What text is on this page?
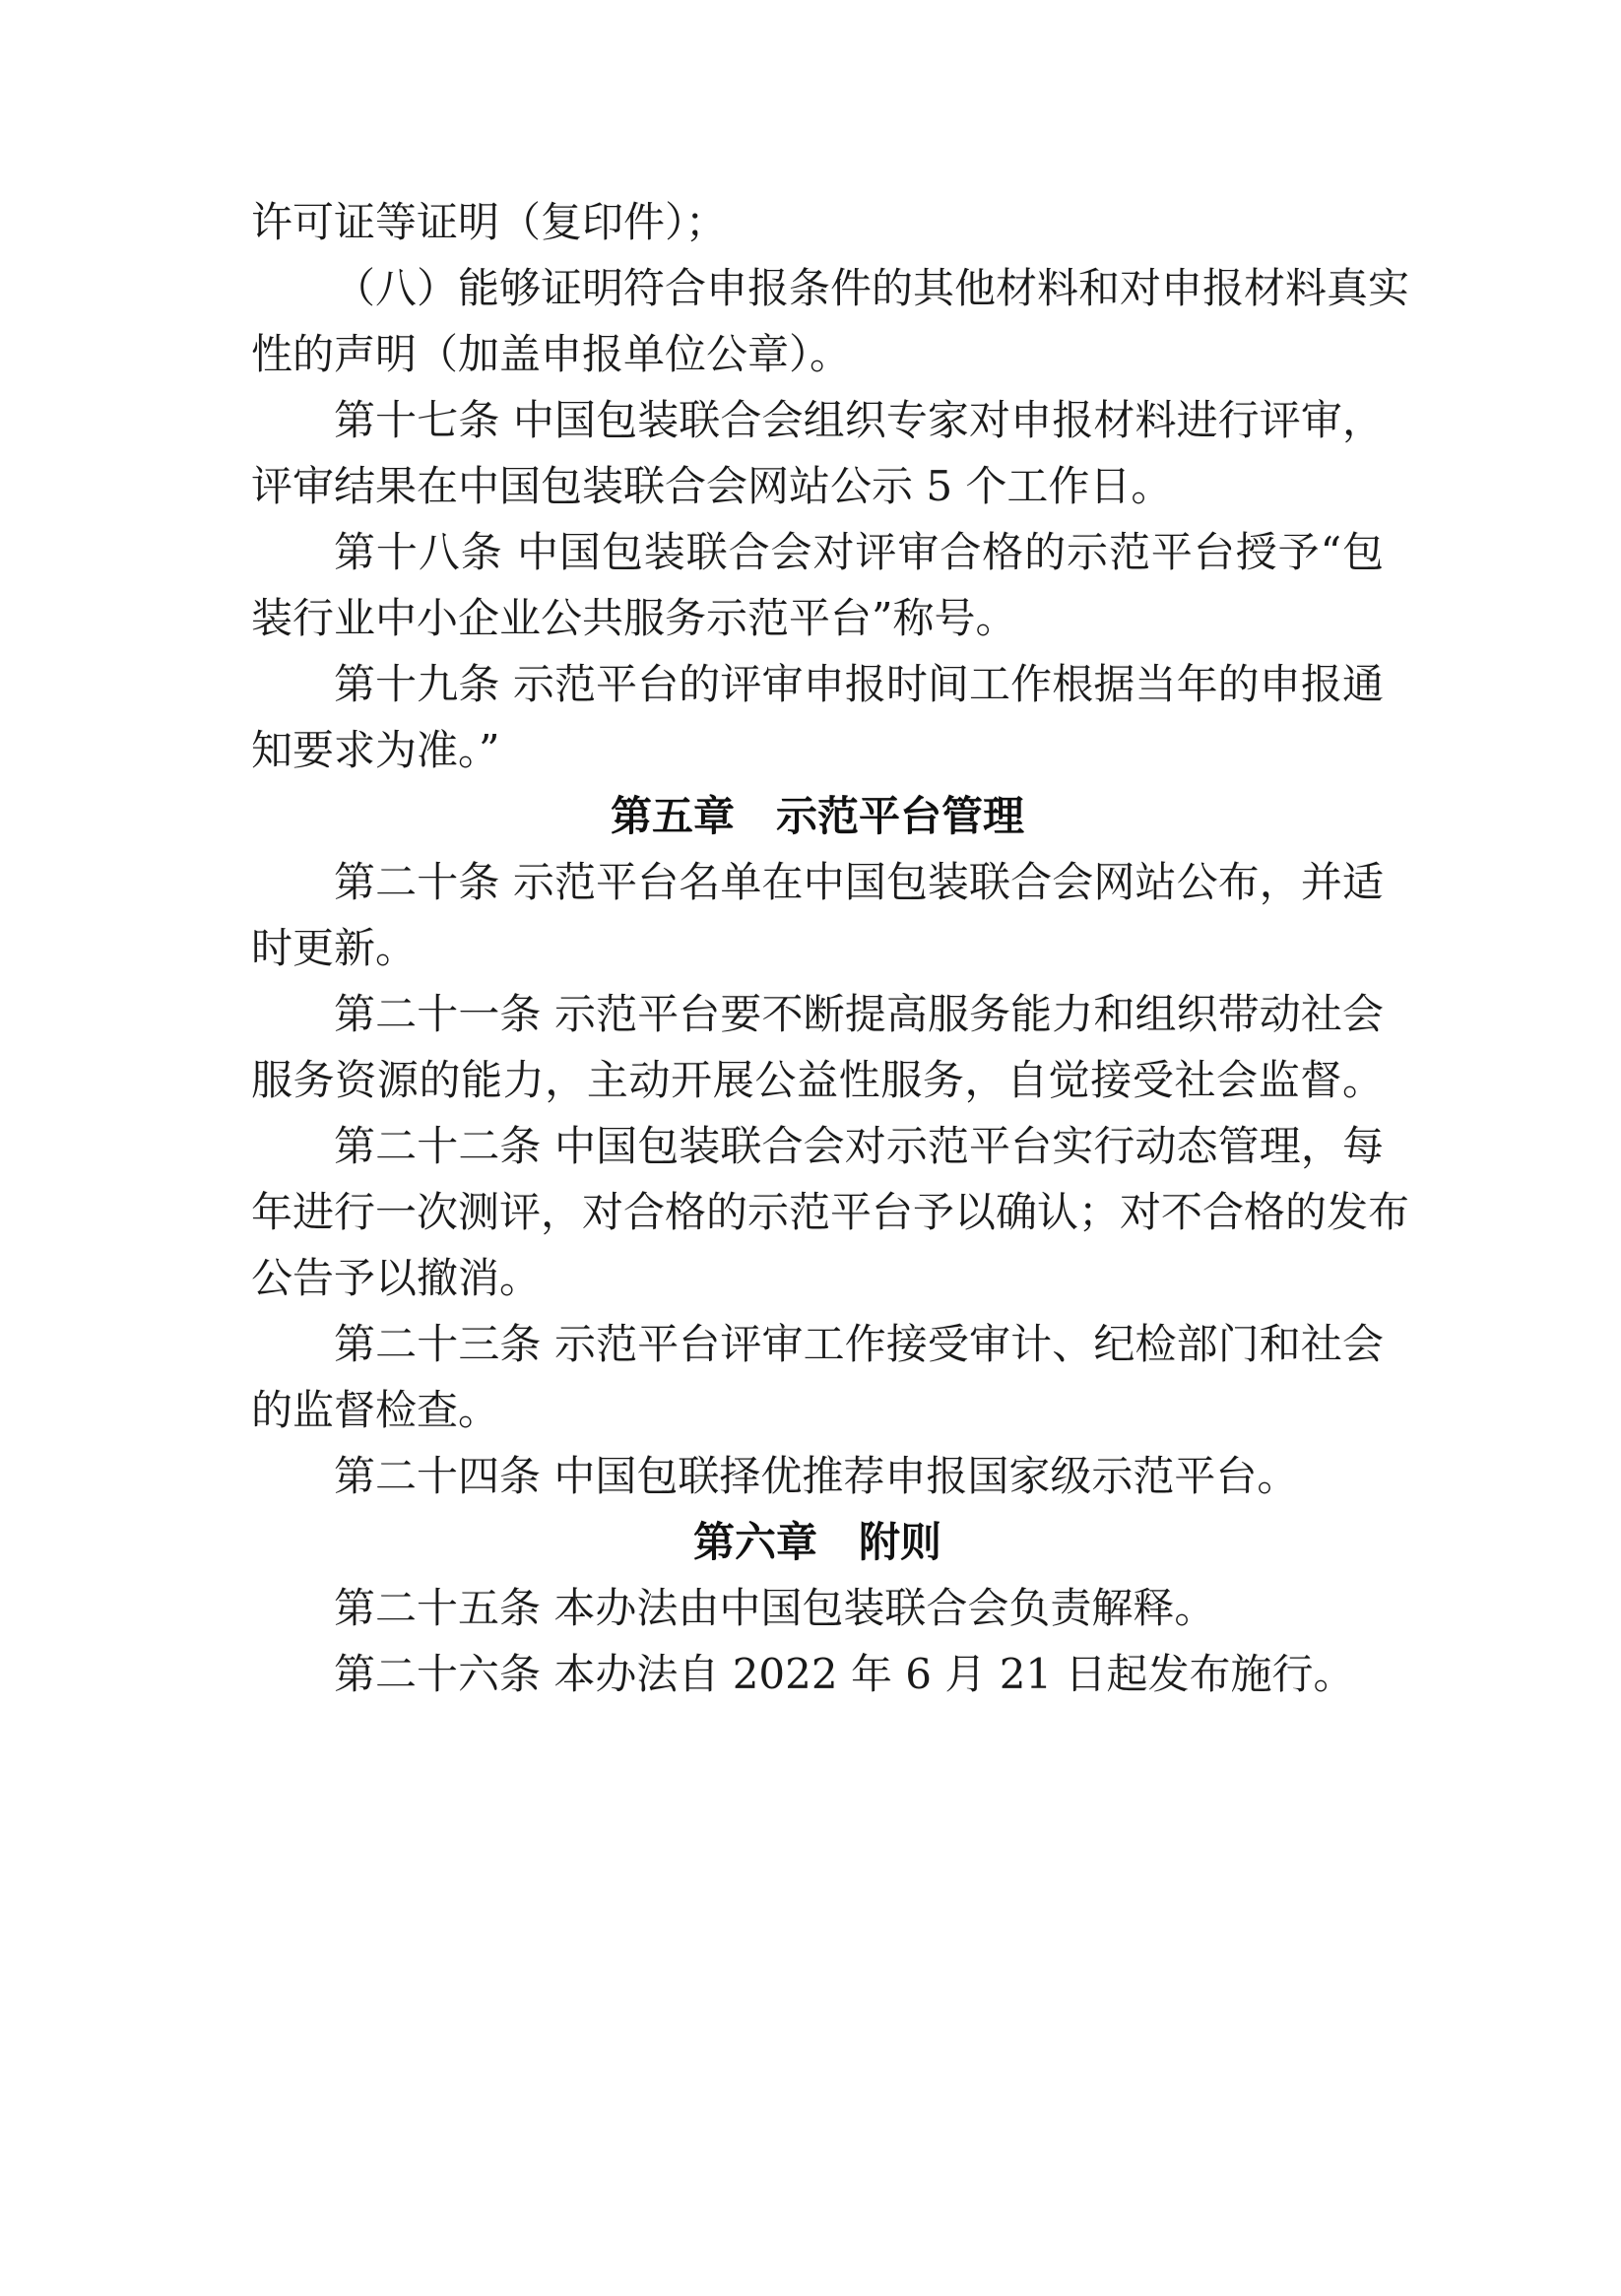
许可证等证明（复印件）；
（八）能够证明符合申报条件的其他材料和对申报材料真实
性的声明（加盖申报单位公章）。
第十七条 中国包装联合会组织专家对申报材料进行评审，
评审结果在中国包装联合会网站公示 5 个工作日。
第十八条 中国包装联合会对评审合格的示范平台授予“包
装行业中小企业公共服务示范平台”称号。
第十九条 示范平台的评审申报时间工作根据当年的申报通
知要求为准。”
第五章　示范平台管理
第二十条 示范平台名单在中国包装联合会网站公布，并适
时更新。
第二十一条 示范平台要不断提高服务能力和组织带动社会
服务资源的能力，主动开展公益性服务，自觉接受社会监督。
第二十二条 中国包装联合会对示范平台实行动态管理，每
年进行一次测评，对合格的示范平台予以确认；对不合格的发布
公告予以撤消。
第二十三条 示范平台评审工作接受审计、纪检部门和社会
的监督检查。
第二十四条 中国包联择优推荐申报国家级示范平台。
第六章　附则
第二十五条 本办法由中国包装联合会负责解释。
第二十六条 本办法自 2022 年 6 月 21 日起发布施行。
